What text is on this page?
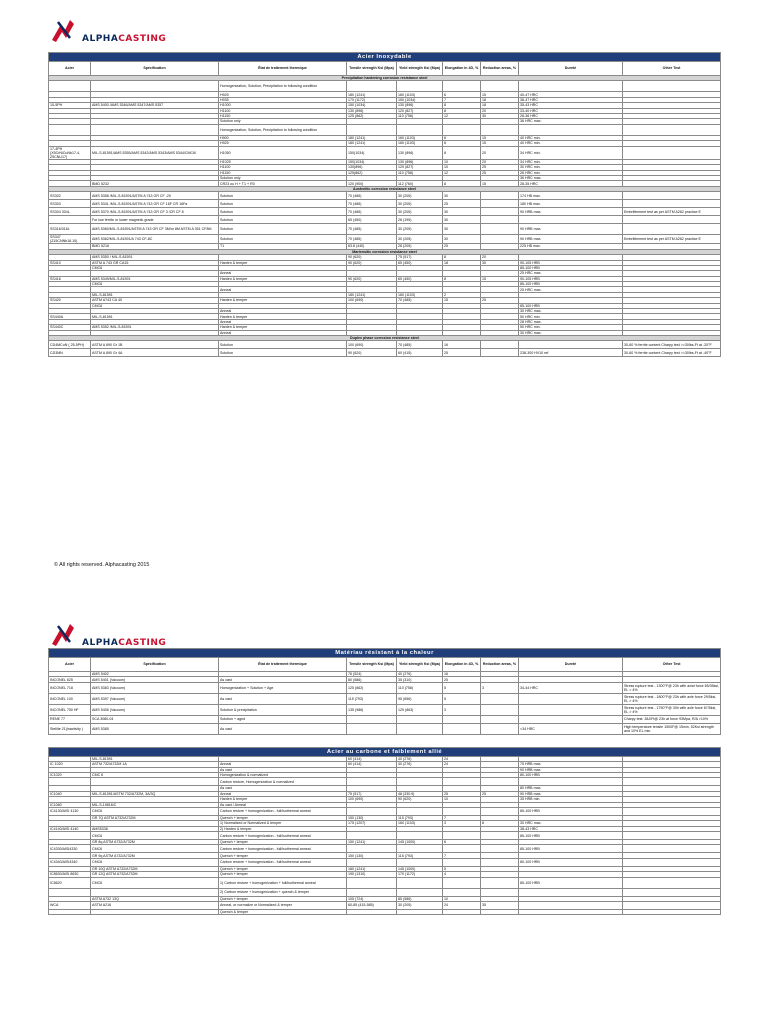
ALPHACASTING
Acier Inoxydable								
Acier	Spécification	État de traitement thermique	Tensile strength Ksi (Mpa)	Yield strength Ksi (Mpa)	Elongation in 4D, %	Reduction areas, %	Dureté	Other Test
Precipitation hardening corrosion resistance steel								
		Homogenization, Solution, Precipitation to following condition						
		H925	180 (1241)	160 (1103)	6	15	40-47 HRC	
		H935	170 (1172)	150 (1034)	7	18	38-47 HRC	
15-5PH	AMS 5400 /AMS 5346/AMS 5347/AMS 5357	H1000	150 (1034)	130 (896)	8	18	35-43 HRC	
		H1100	130 (896)	120 (827)	8	20	33-40 HRC	
		H1150	125 (862)	110 (758)	12	30	28-36 HRC	
		Solution only					36 HRC max.	
		Homogenization, Solution, Precipitation to following condition						
		H900	180 (1241)	160 (1103)	6	15	40 HRC min.	
		H925	180 (1241)	160 (1103)	6	15	40 HRC min.	
17-4PH (X5CrNiCuNb17-4, Z5CNU17)	MIL-S-81591/AMS 5355/AMS 5342/AMS 5343/AMS 5344/CMC6/	H1050	150(1034)	130 (896)	8	20	34 HRC min.	
		H1025	150(1034)	130 (896)	10	20	34 HRC min.	
		H1100	130(896)	120 (827)	10	25	30 HRC min.	
		H1150	125(862)	110 (758)	12	25	26 HRC min.	
		Solution only					36 HRC max.	
	BMD 5232	CR23 ou H + T1 + R0	120 (900)	112 (760)	8	15	28-35 HRC	
Austenitic corrosion resistance steel								
SS302	AMS 5358 /MIL-S-81591/ASTM A 743 GR CF -20	Solution	70 (485)	30 (205)	30		174 HB max.	
SS303	AMS 5341 /MIL-S-81591/ASTM A 743 GR CF 16F CR 16Fa	Solution	70 (485)	30 (205)	25		180 HB max.	
SS304 304L	AMS 5370 /MIL-S-81591/ASTM A 743 GR CF 3 /CR CF 8	Solution	70 (485)	30 (205)	30		90 HRB max.	Embrittlement test as per ASTM A262 practice E
	For low ferrite or lower magnetic grade	Solution	65 (450)	28 (195)	30			
SS316/316L	AMS 5360/MIL-S-81591/ASTM A 743 GR CF 3M/or 8M ASTM A 351 CF8M	Solution	70 (485)	30 (205)	30		90 HRB max.	
SS347 (Z15CNNb18.10)	AMS 5362/MIL-S-81591/A 743 CF-8C	Solution	70 (485)	30 (205)	30		90 HRB max.	Embrittlement test as per ASTM A262 practice E
	BMD 5216	T1	63.8 (440)	28 (205)	25		225 HB max.	
Martensitic corrosion resistance steel								
	AMS 5350 / MIL-S-81591		90 (620)	75 (517)	8	20		
SS410	ASTM A 743 GR CA15	Harden & temper	90 (620)	65 (450)	18	30	90-105 HRB	
	CMC6						85-100 HRB	
		Anneal					25 HRC max.	
SS416	AMS 5349/MIL-S-81591	Harden & temper	90 (620)	65 (450)	8	15	90-105 HRB	
	CMC6						85-100 HRB	
		Anneal					25 HRC max.	
	MIL-S-81591		180 (1241)	160 (1103)	2			
SS420	ASTM A743 CA 40	Harden & temper	100 (690)	70 (485)	15	25		
	CMC6						85-100 HRB	
		Anneal					30 HRC max.	
SS440A	MIL-S-81591	Harden & temper					50 HRC min.	
		Anneal					28 HRC max.	
SS440C	AMS 5352 /MIL-S-81591	Harden & temper					50 HRC min.	
		Anneal					30 HRC max.	
Duplex phase corrosion resistance steel								
CD4MCuN ( 25-5PH)	ASTM A 890 Gr 1B	Solution	100 (690)	70 (485)	16			30-60 % ferrite content Charpy test >=30lbs-Ft at -20°F
CD3MN	ASTM A 890 Gr 4A	Solution	90 (620)	60 (415)	25		238-300 HV10 ref	30-60 % ferrite content Charpy test >=30lbs-Ft at -40°F
© All rights reserved. Alphacasting 2015
ALPHACASTING
Matériau résistant à la chaleur								
Acier	Spécification	État de traitement thermique	Tensile strength Ksi (Mpa)	Yield strength Ksi (Mpa)	Elongation in 4D, %	Reduction areas, %	Dureté	Other Test
	AMS 5402		76 (524)	40 (276)	16			
INCONEL 625	AMS 5401 (Vacuum)	As cast	80 (586)	35 (310)	25			
INCONEL 718	AMS 5383 (Vacuum)	Homogenization + Solution + Age	125 (862)	110 (758)	5	3	34-44 HRC	Stress rupture test - 1300°F@ 23h with axial force 65/35ksi, EL > 4%
INCONEL 100	AMS 5397 (Vacuum)	As cast	115 (793)	95 (656)	5			Stress rupture test - 1800°F@ 23h with axle force 29/5ksi, EL > 4%
INCONEL 750 HF	AMS 5406 (Vacuum)	Solution & precipitation	135 (986)	125 (863)	3			Stress rupture test - 1750°F@ 30h with axle force 67/5ksi, EL > 4%
RENE 77	SCA 3080-04	Solution + aged						Charpy test: 38J/Ft@ 23h at force 93Mpa, R/A >10%
Stellite 21(inactivity )	AMS 5385	As cast					<34 HRC	High temperature tensile 1500F@ 15min, 52Ksi strength and 10% EL min.
Acier au carbone et faiblement allié								
	MIL-S-81591		60 (414)	40 (276)	24			
IC 1020	ASTM 732/A732M 1A	Anneal	60 (414)	40 (276)	24		75 HRB max.	
		As cast					90 HRB max.	
IC1020	CMC 6	Homogenization & normalized					80-100 HRB	
		Carbon restore, Homogenization & normalized						
		As cast					80 HRB max.	
IC1040	MIL-S-81591/ASTM 732/A732M, 3A/3Q	Anneal	75 (517)	48 (330.9)	25	25	90 HRB max.	
		Harden & temper	100 (690)	90 (620)	10		35 HRB min.	
IC1060	MIL-S-19816/C	As cast / Anneal						
IC4130/AISI 4130	CMC6	Carbon restore + homogenization - full/isothermal anneal					85-100 HRB	
	GR 7Q ASTM A732/A732M	Quench + temper	150 (130)	115 (793)	7			
		1) Normalized or Normalized & temper	175 (1207)	160 (1103)	3	8	30 HRC max.	
IC4140/AISI 4140	AMS5338	2) Harden & temper					38-43 HRC	
	CMC6	Carbon restore + homogenization - full/isothermal anneal					85-100 HRB	
	GR 8q ASTM A732/A732M	Quench + temper	150 (1241)	145 (1000)	6			
IC4330/AISI4330	CMC6	Carbon restore + homogenization - full/isothermal anneal					85-100 HRB	
	GR 9q ASTM A732/A732M	Quench + temper	150 (130)	115 (793)	7			
IC4340/AISI4340	CMC6	Carbon restore + homogenization - full/isothermal anneal					80-100 HRB	
	GR 10Q ASTM A732/A732M	Quench + temper	180 (1241)	145 (1000)	5			
IC8630/AISI 8630	GR 12Q ASTM A732/A732M	Quench + temper	190 (1310)	170 (1172)	4			
IC8620	CMC6	1) Carbon restore + homogenization + full/isothermal anneal					85-100 HRB	
		2) Carbon restore + homogenization + quench & temper						
	ASTM A732 13Q	Quench + temper	105 (724)	85 (586)	10			
WCA	ASTM A216	Anneal, or normalize or Normalized & temper	60-85 (415-585)	30 (205)	24	35		
		Quench & temper						
